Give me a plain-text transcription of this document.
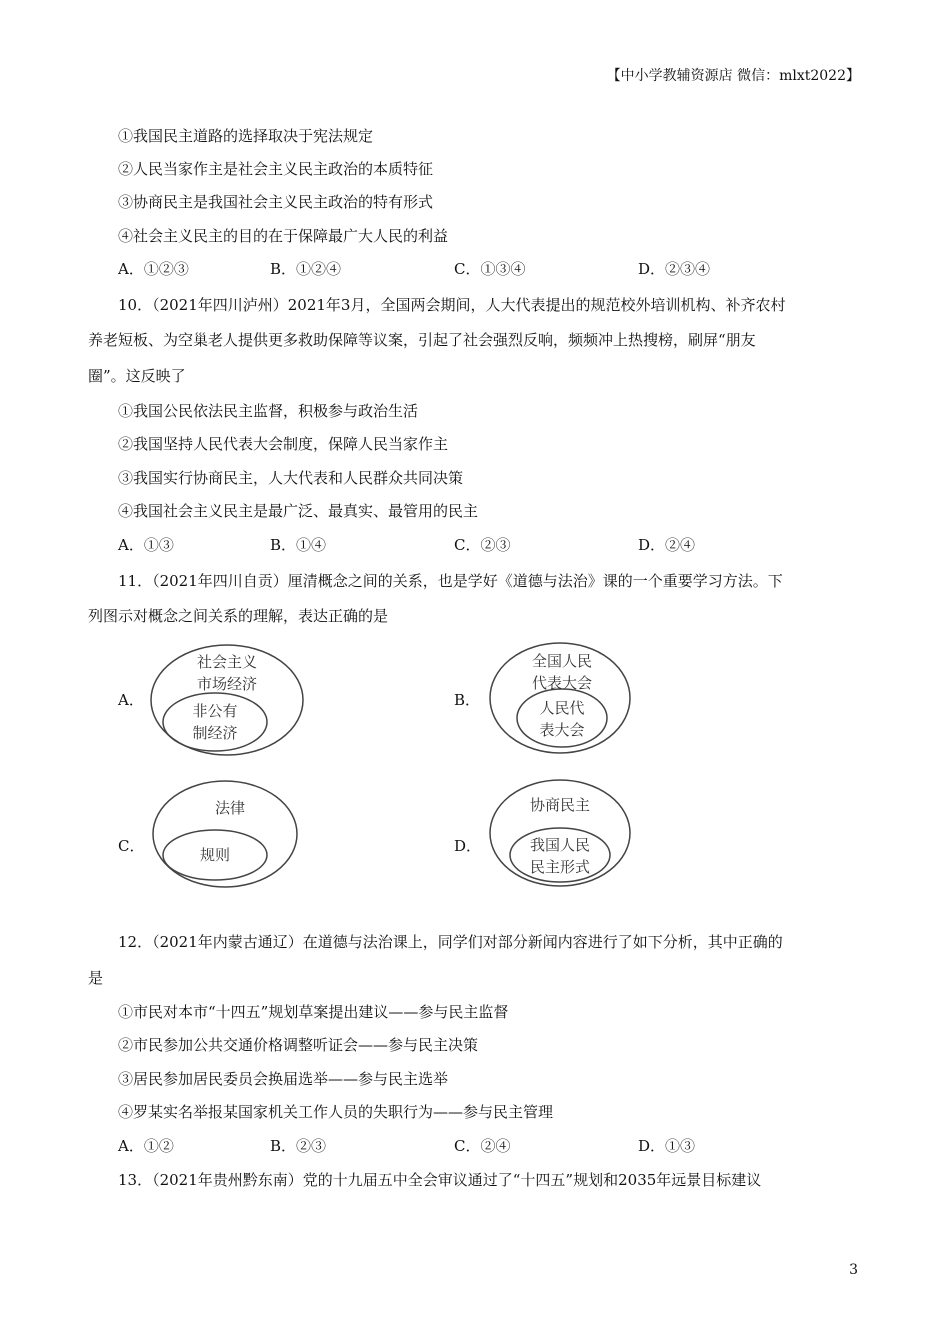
【中小学教辅资源店 微信：mlxt2022】
①我国民主道路的选择取决于宪法规定
②人民当家作主是社会主义民主政治的本质特征
③协商民主是我国社会主义民主政治的特有形式
④社会主义民主的目的在于保障最广大人民的利益
A．①②③	B．①②④	C．①③④	D．②③④
10．（2021年四川泸州）2021年3月，全国两会期间，人大代表提出的规范校外培训机构、补齐农村
养老短板、为空巢老人提供更多救助保障等议案，引起了社会强烈反响，频频冲上热搜榜，刷屏“朋友
圈”。这反映了
①我国公民依法民主监督，积极参与政治生活
②我国坚持人民代表大会制度，保障人民当家作主
③我国实行协商民主，人大代表和人民群众共同决策
④我国社会主义民主是最广泛、最真实、最管用的民主
A．①③	B．①④	C．②③	D．②④
11．（2021年四川自贡）厘清概念之间的关系，也是学好《道德与法治》课的一个重要学习方法。下
列图示对概念之间关系的理解，表达正确的是
A．
社会主义
市场经济
非公有
制经济
B．
全国人民
代表大会
人民代
表大会
C．
法律
规则	D．
协商民主
我国人民
民主形式
12．（2021年内蒙古通辽）在道德与法治课上，同学们对部分新闻内容进行了如下分析，其中正确的
是
①市民对本市“十四五”规划草案提出建议——参与民主监督
②市民参加公共交通价格调整听证会——参与民主决策
③居民参加居民委员会换届选举——参与民主选举
④罗某实名举报某国家机关工作人员的失职行为——参与民主管理
A．①②	B．②③	C．②④	D．①③
13．（2021年贵州黔东南）党的十九届五中全会审议通过了“十四五”规划和2035年远景目标建议
3
